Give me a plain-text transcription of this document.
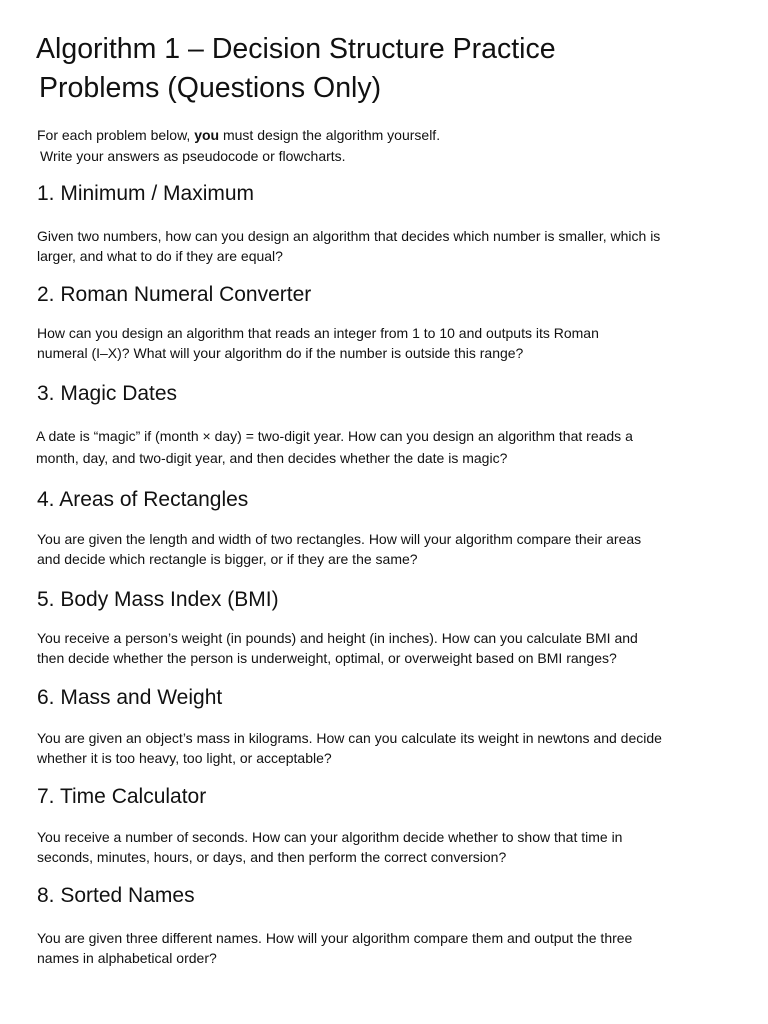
Algorithm 1 – Decision Structure Practice
Problems (Questions Only)

For each problem below, you must design the algorithm yourself.
Write your answers as pseudocode or flowcharts.

1. Minimum / Maximum

Given two numbers, how can you design an algorithm that decides which number is smaller, which is
larger, and what to do if they are equal?

2. Roman Numeral Converter

How can you design an algorithm that reads an integer from 1 to 10 and outputs its Roman
numeral (I–X)? What will your algorithm do if the number is outside this range?

3. Magic Dates

A date is “magic” if (month × day) = two-digit year. How can you design an algorithm that reads a
month, day, and two-digit year, and then decides whether the date is magic?

4. Areas of Rectangles

You are given the length and width of two rectangles. How will your algorithm compare their areas
and decide which rectangle is bigger, or if they are the same?

5. Body Mass Index (BMI)

You receive a person’s weight (in pounds) and height (in inches). How can you calculate BMI and
then decide whether the person is underweight, optimal, or overweight based on BMI ranges?

6. Mass and Weight

You are given an object’s mass in kilograms. How can you calculate its weight in newtons and decide
whether it is too heavy, too light, or acceptable?

7. Time Calculator

You receive a number of seconds. How can your algorithm decide whether to show that time in
seconds, minutes, hours, or days, and then perform the correct conversion?

8. Sorted Names

You are given three different names. How will your algorithm compare them and output the three
names in alphabetical order?
